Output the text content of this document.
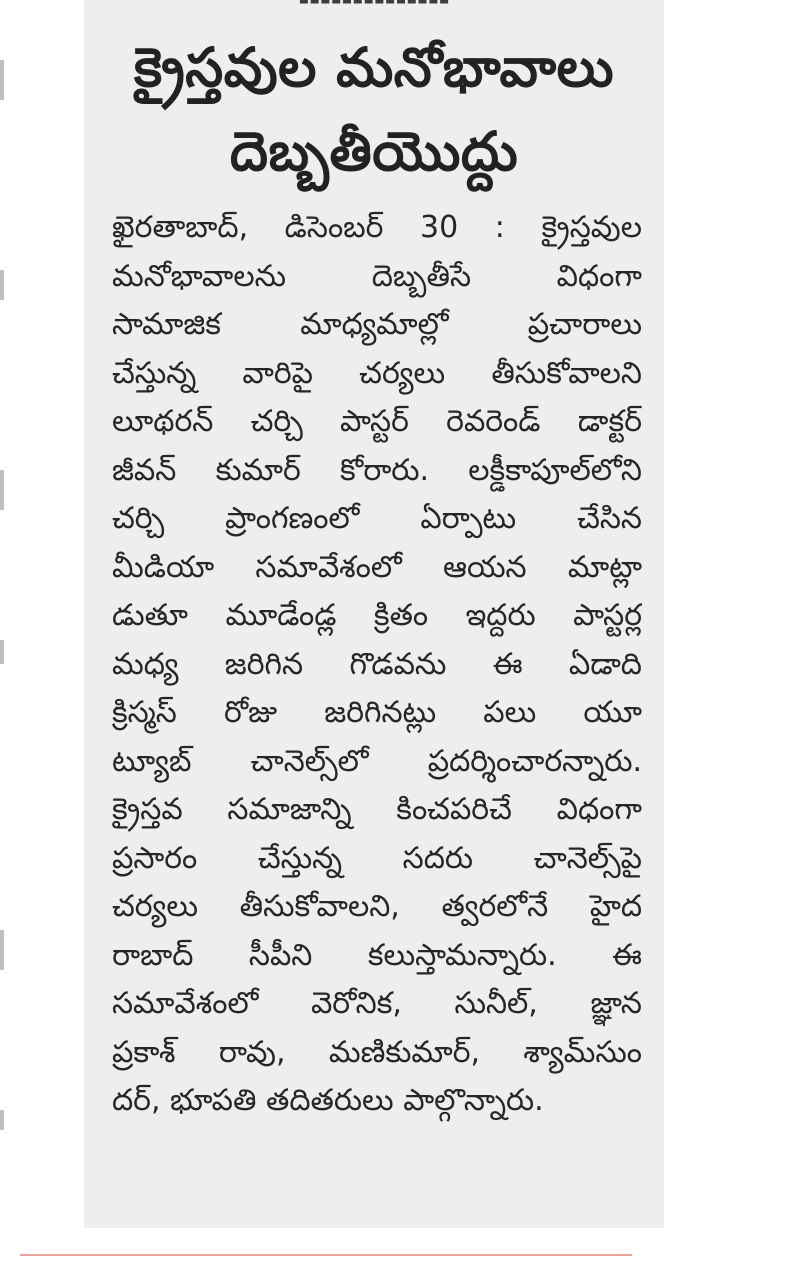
‐‐‐‐‐‐‐‐‐‐‐‐‐‐
క్రైస్తవుల మనోభావాలు
దెబ్బతీయొద్దు
ఖైరతాబాద్, డిసెంబర్ 30 : క్రైస్తవుల
మనోభావాలను దెబ్బతీసే విధంగా
సామాజిక మాధ్యమాల్లో ప్రచారాలు
చేస్తున్న వారిపై చర్యలు తీసుకోవాలని
లూథరన్ చర్చి పాస్టర్ రెవరెండ్ డాక్టర్
జీవన్ కుమార్ కోరారు. లక్డీకాపూల్‌లోని
చర్చి ప్రాంగణంలో ఏర్పాటు చేసిన
మీడియా సమావేశంలో ఆయన మాట్లా
డుతూ మూడేండ్ల క్రితం ఇద్దరు పాస్టర్ల
మధ్య జరిగిన గొడవను ఈ ఏడాది
క్రిస్మస్ రోజు జరిగినట్లు పలు యూ
ట్యూబ్ చానెల్స్‌లో ప్రదర్శించారన్నారు.
క్రైస్తవ సమాజాన్ని కించపరిచే విధంగా
ప్రసారం చేస్తున్న సదరు చానెల్స్‌పై
చర్యలు తీసుకోవాలని, త్వరలోనే హైద
రాబాద్ సీపీని కలుస్తామన్నారు. ఈ
సమావేశంలో వెరోనిక, సునీల్, జ్ఞాన
ప్రకాశ్ రావు, మణికుమార్, శ్యామ్‌సుం
దర్, భూపతి తదితరులు పాల్గొన్నారు.
